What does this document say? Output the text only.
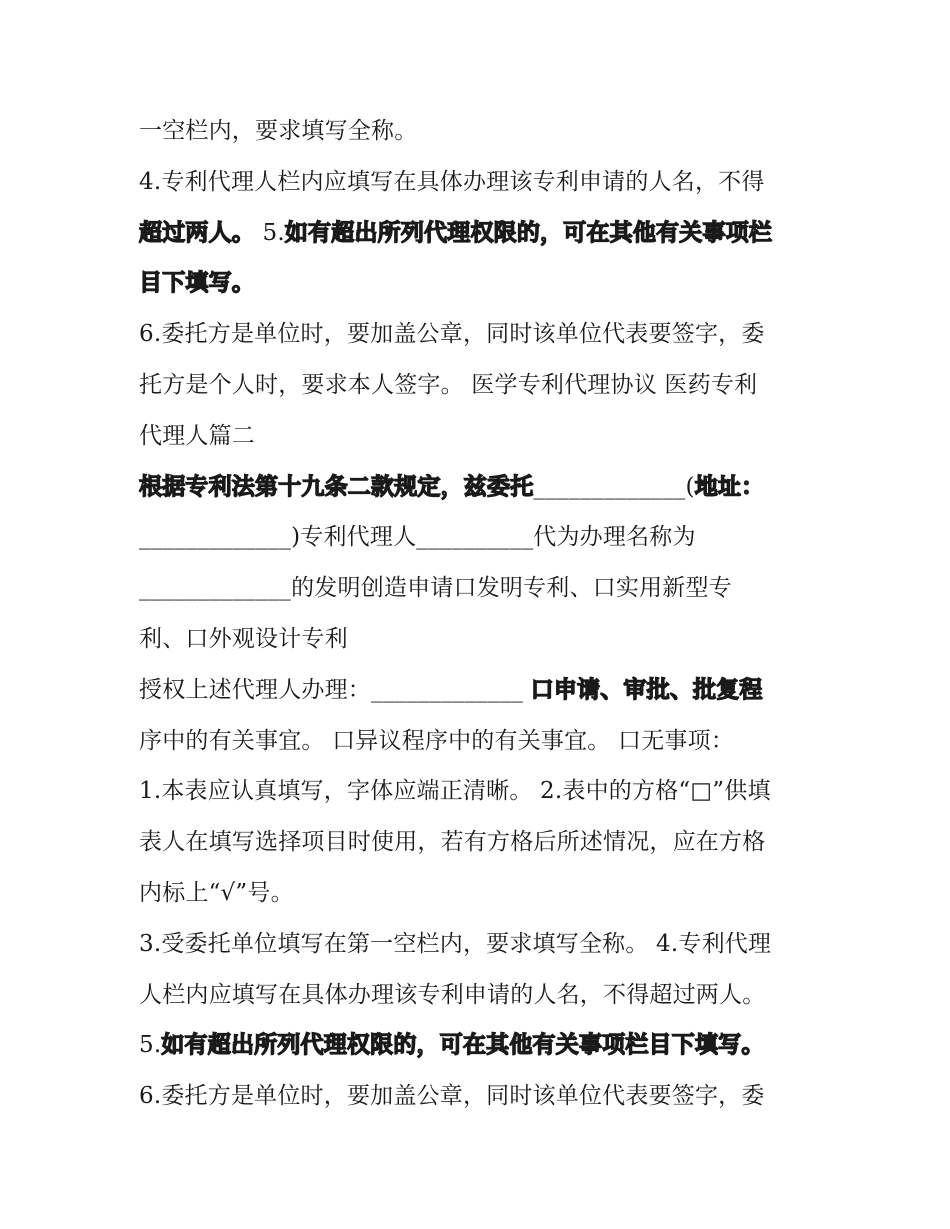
一空栏内，要求填写全称。
4.专利代理人栏内应填写在具体办理该专利申请的人名，不得
超过两人。 5.如有超出所列代理权限的，可在其他有关事项栏
目下填写。
6.委托方是单位时，要加盖公章，同时该单位代表要签字，委
托方是个人时，要求本人签字。 医学专利代理协议 医药专利
代理人篇二
根据专利法第十九条二款规定，兹委托_____________(地址：
_____________)专利代理人__________代为办理名称为
_____________的发明创造申请口发明专利、口实用新型专
利、口外观设计专利
授权上述代理人办理：_____________ 口申请、审批、批复程
序中的有关事宜。 口异议程序中的有关事宜。 口无事项：
1.本表应认真填写，字体应端正清晰。 2.表中的方格“□”供填
表人在填写选择项目时使用，若有方格后所述情况，应在方格
内标上“√”号。
3.受委托单位填写在第一空栏内，要求填写全称。 4.专利代理
人栏内应填写在具体办理该专利申请的人名，不得超过两人。
5.如有超出所列代理权限的，可在其他有关事项栏目下填写。
6.委托方是单位时，要加盖公章，同时该单位代表要签字，委
